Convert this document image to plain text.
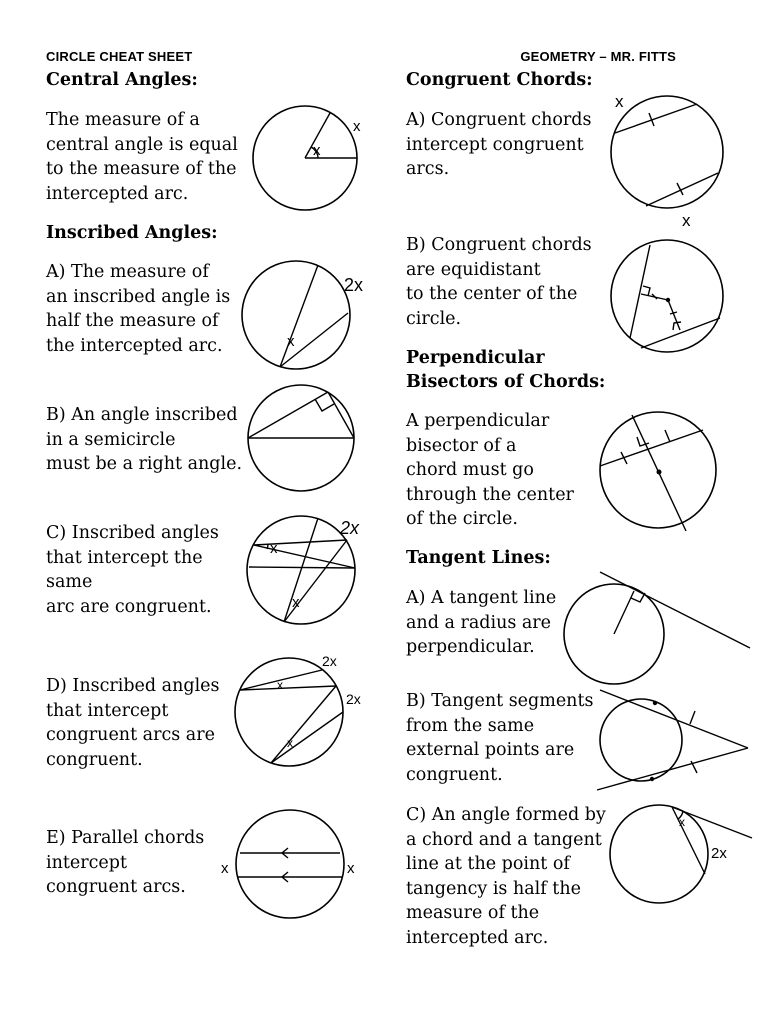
CIRCLE CHEAT SHEET	GEOMETRY – MR. FITTS
Central Angles:
The measure of a
central angle is equal
to the measure of the
intercepted arc.
Inscribed Angles:
A) The measure of
an inscribed angle is
half the measure of
the intercepted arc.
B) An angle inscribed
in a semicircle
must be a right angle.
C) Inscribed angles
that intercept the
same
arc are congruent.
D) Inscribed angles
that intercept
congruent arcs are
congruent.
E) Parallel chords
intercept
congruent arcs.
Congruent Chords:
A) Congruent chords
intercept congruent
arcs.
B) Congruent chords
are equidistant
to the center of the
circle.
Perpendicular
Bisectors of Chords:
A perpendicular
bisector of a
chord must go
through the center
of the circle.
Tangent Lines:
A) A tangent line
and a radius are
perpendicular.
B) Tangent segments
from the same
external points are
congruent.
C) An angle formed by
a chord and a tangent
line at the point of
tangency is half the
measure of the
intercepted arc.
x
x
2x
x
x
x
2x
2x
2x
x
x
x	x
x
x
x
2x
